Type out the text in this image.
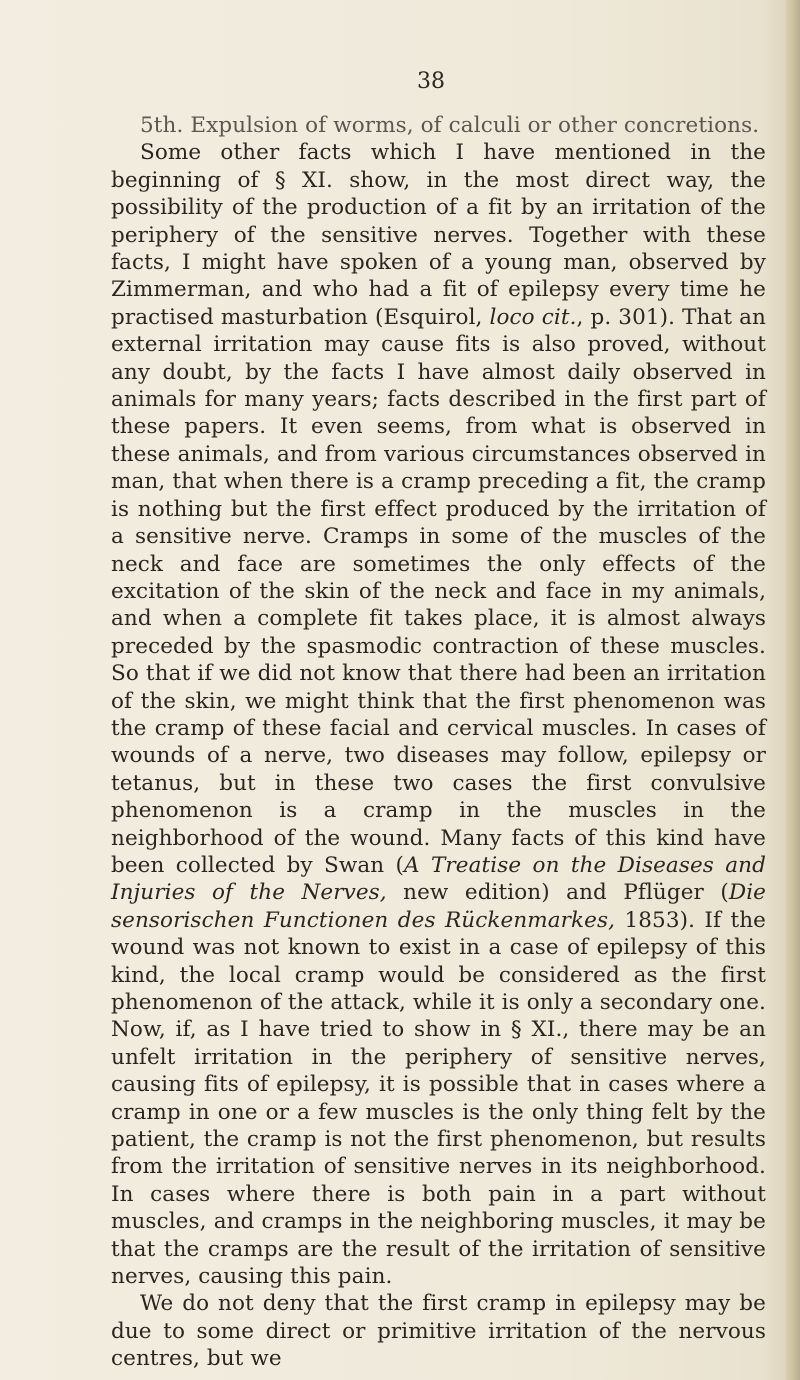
38

5th. Expulsion of worms, of calculi or other concretions.

Some other facts which I have mentioned in the beginning of § XI. show, in the most direct way, the possibility of the production of a fit by an irritation of the periphery of the sensitive nerves. Together with these facts, I might have spoken of a young man, observed by Zimmerman, and who had a fit of epilepsy every time he practised masturbation (Esquirol, loco cit., p. 301). That an external irritation may cause fits is also proved, without any doubt, by the facts I have almost daily observed in animals for many years; facts described in the first part of these papers. It even seems, from what is observed in these animals, and from various circumstances observed in man, that when there is a cramp preceding a fit, the cramp is nothing but the first effect produced by the irritation of a sensitive nerve. Cramps in some of the muscles of the neck and face are sometimes the only effects of the excitation of the skin of the neck and face in my animals, and when a complete fit takes place, it is almost always preceded by the spasmodic contraction of these muscles. So that if we did not know that there had been an irritation of the skin, we might think that the first phenomenon was the cramp of these facial and cervical muscles. In cases of wounds of a nerve, two diseases may follow, epilepsy or tetanus, but in these two cases the first convulsive phenomenon is a cramp in the muscles in the neighborhood of the wound. Many facts of this kind have been collected by Swan (A Treatise on the Diseases and Injuries of the Nerves, new edition) and Pflüger (Die sensorischen Functionen des Rückenmarkes, 1853). If the wound was not known to exist in a case of epilepsy of this kind, the local cramp would be considered as the first phenomenon of the attack, while it is only a secondary one. Now, if, as I have tried to show in § XI., there may be an unfelt irritation in the periphery of sensitive nerves, causing fits of epilepsy, it is possible that in cases where a cramp in one or a few muscles is the only thing felt by the patient, the cramp is not the first phenomenon, but results from the irritation of sensitive nerves in its neighborhood. In cases where there is both pain in a part without muscles, and cramps in the neighboring muscles, it may be that the cramps are the result of the irritation of sensitive nerves, causing this pain.

We do not deny that the first cramp in epilepsy may be due to some direct or primitive irritation of the nervous centres, but we
